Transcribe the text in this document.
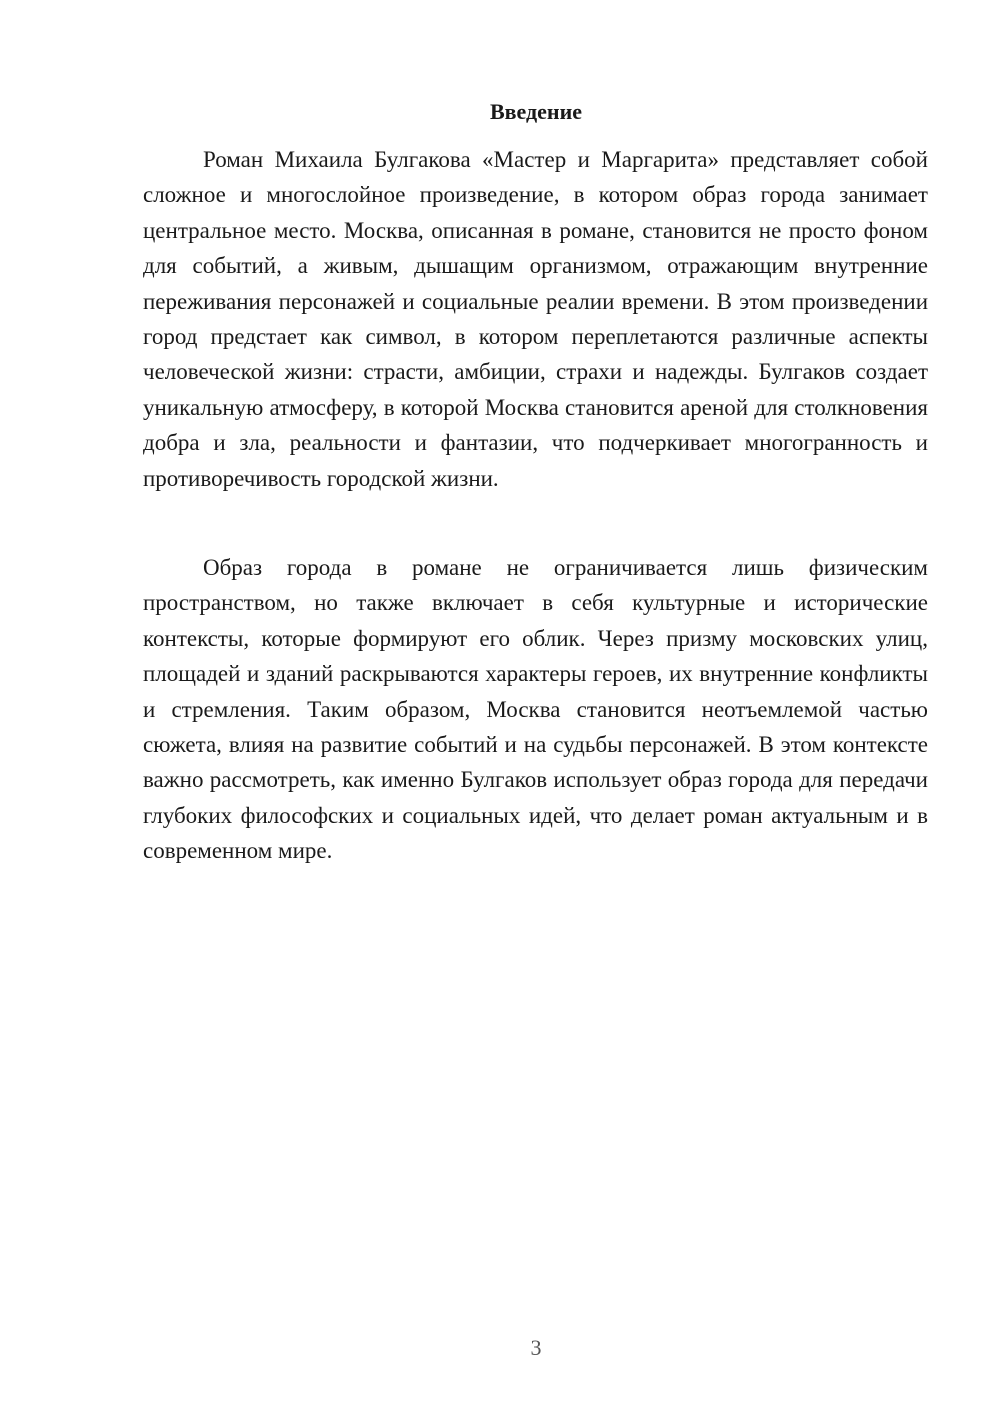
Введение

Роман Михаила Булгакова «Мастер и Маргарита» представляет собой сложное и многослойное произведение, в котором образ города занимает центральное место. Москва, описанная в романе, становится не просто фоном для событий, а живым, дышащим организмом, отражающим внутренние переживания персонажей и социальные реалии времени. В этом произведении город предстает как символ, в котором переплетаются различные аспекты человеческой жизни: страсти, амбиции, страхи и надежды. Булгаков создает уникальную атмосферу, в которой Москва становится ареной для столкновения добра и зла, реальности и фантазии, что подчеркивает многогранность и противоречивость городской жизни.

Образ города в романе не ограничивается лишь физическим пространством, но также включает в себя культурные и исторические контексты, которые формируют его облик. Через призму московских улиц, площадей и зданий раскрываются характеры героев, их внутренние конфликты и стремления. Таким образом, Москва становится неотъемлемой частью сюжета, влияя на развитие событий и на судьбы персонажей. В этом контексте важно рассмотреть, как именно Булгаков использует образ города для передачи глубоких философских и социальных идей, что делает роман актуальным и в современном мире.

3
